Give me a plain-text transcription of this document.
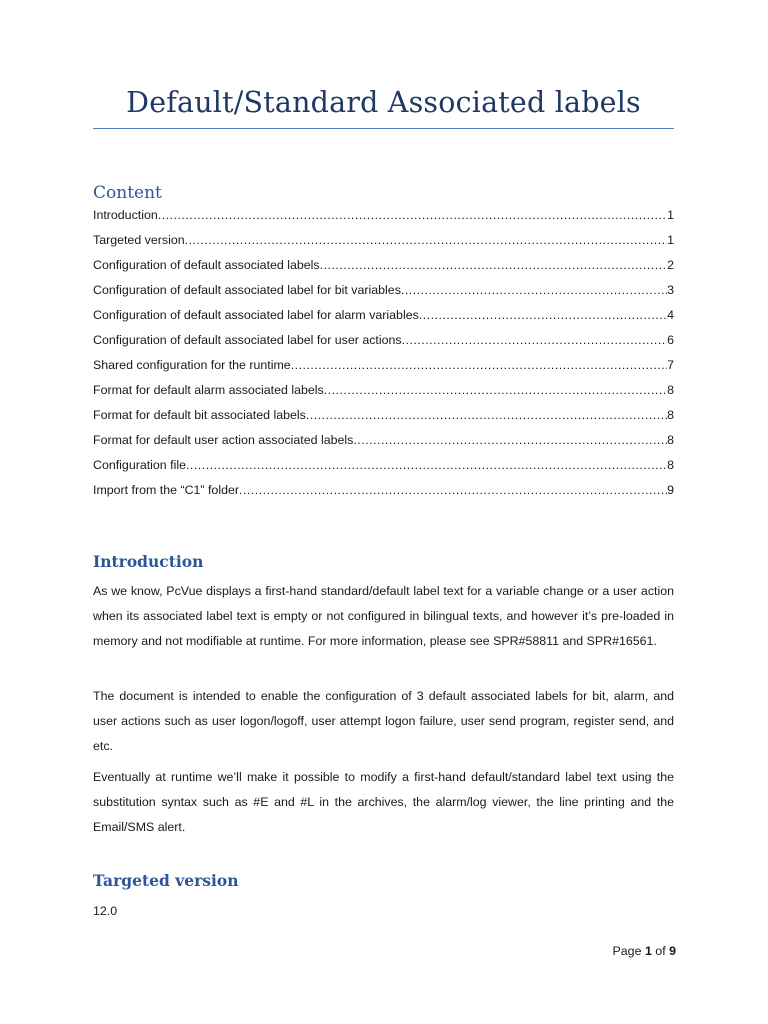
Default/Standard Associated labels
Content
Introduction .....	1
Targeted version .....	1
Configuration of default associated labels .....	2
Configuration of default associated label for bit variables .....	3
Configuration of default associated label for alarm variables .....	4
Configuration of default associated label for user actions .....	6
Shared configuration for the runtime .....	7
Format for default alarm associated labels .....	8
Format for default bit associated labels .....	8
Format for default user action associated labels .....	8
Configuration file .....	8
Import from the “C1” folder .....	9
Introduction

As we know, PcVue displays a first-hand standard/default label text for a variable change or a user action when its associated label text is empty or not configured in bilingual texts, and however it’s pre-loaded in memory and not modifiable at runtime. For more information, please see SPR#58811 and SPR#16561.

The document is intended to enable the configuration of 3 default associated labels for bit, alarm, and user actions such as user logon/logoff, user attempt logon failure, user send program, register send, and etc.

Eventually at runtime we’ll make it possible to modify a first-hand default/standard label text using the substitution syntax such as #E and #L in the archives, the alarm/log viewer, the line printing and the Email/SMS alert.

Targeted version

12.0

Page 1 of 9
